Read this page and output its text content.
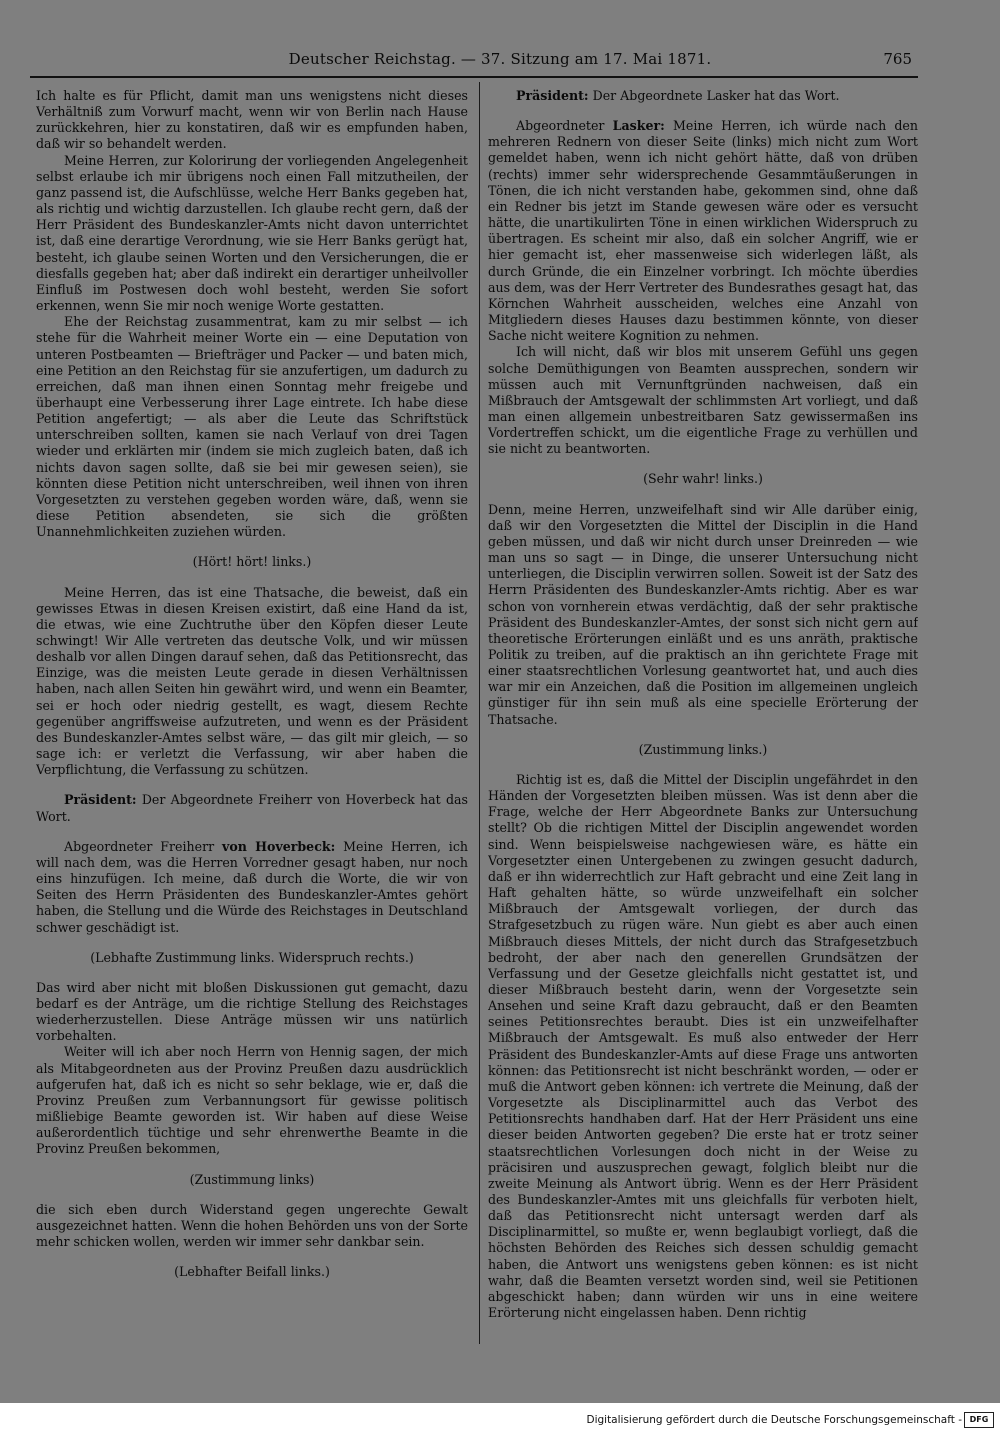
Deutscher Reichstag. — 37. Sitzung am 17. Mai 1871.	765

Ich halte es für Pflicht, damit man uns wenigstens nicht dieses Verhältniß zum Vorwurf macht, wenn wir von Berlin nach Hause zurückkehren, hier zu konstatiren, daß wir es empfunden haben, daß wir so behandelt werden.

Meine Herren, zur Kolorirung der vorliegenden Angelegenheit selbst erlaube ich mir übrigens noch einen Fall mitzutheilen, der ganz passend ist, die Aufschlüsse, welche Herr Banks gegeben hat, als richtig und wichtig darzustellen. Ich glaube recht gern, daß der Herr Präsident des Bundeskanzler-Amts nicht davon unterrichtet ist, daß eine derartige Verordnung, wie sie Herr Banks gerügt hat, besteht, ich glaube seinen Worten und den Versicherungen, die er diesfalls gegeben hat; aber daß indirekt ein derartiger unheilvoller Einfluß im Postwesen doch wohl besteht, werden Sie sofort erkennen, wenn Sie mir noch wenige Worte gestatten.

Ehe der Reichstag zusammentrat, kam zu mir selbst — ich stehe für die Wahrheit meiner Worte ein — eine Deputation von unteren Postbeamten — Briefträger und Packer — und baten mich, eine Petition an den Reichstag für sie anzufertigen, um dadurch zu erreichen, daß man ihnen einen Sonntag mehr freigebe und überhaupt eine Verbesserung ihrer Lage eintrete. Ich habe diese Petition angefertigt; — als aber die Leute das Schriftstück unterschreiben sollten, kamen sie nach Verlauf von drei Tagen wieder und erklärten mir (indem sie mich zugleich baten, daß ich nichts davon sagen sollte, daß sie bei mir gewesen seien), sie könnten diese Petition nicht unterschreiben, weil ihnen von ihren Vorgesetzten zu verstehen gegeben worden wäre, daß, wenn sie diese Petition absendeten, sie sich die größten Unannehmlichkeiten zuziehen würden.

(Hört! hört! links.)

Meine Herren, das ist eine Thatsache, die beweist, daß ein gewisses Etwas in diesen Kreisen existirt, daß eine Hand da ist, die etwas, wie eine Zuchtruthe über den Köpfen dieser Leute schwingt! Wir Alle vertreten das deutsche Volk, und wir müssen deshalb vor allen Dingen darauf sehen, daß das Petitionsrecht, das Einzige, was die meisten Leute gerade in diesen Verhältnissen haben, nach allen Seiten hin gewährt wird, und wenn ein Beamter, sei er hoch oder niedrig gestellt, es wagt, diesem Rechte gegenüber angriffsweise aufzutreten, und wenn es der Präsident des Bundeskanzler-Amtes selbst wäre, — das gilt mir gleich, — so sage ich: er verletzt die Verfassung, wir aber haben die Verpflichtung, die Verfassung zu schützen.

Präsident: Der Abgeordnete Freiherr von Hoverbeck hat das Wort.

Abgeordneter Freiherr von Hoverbeck: Meine Herren, ich will nach dem, was die Herren Vorredner gesagt haben, nur noch eins hinzufügen. Ich meine, daß durch die Worte, die wir von Seiten des Herrn Präsidenten des Bundeskanzler-Amtes gehört haben, die Stellung und die Würde des Reichstages in Deutschland schwer geschädigt ist.

(Lebhafte Zustimmung links. Widerspruch rechts.)

Das wird aber nicht mit bloßen Diskussionen gut gemacht, dazu bedarf es der Anträge, um die richtige Stellung des Reichstages wiederherzustellen. Diese Anträge müssen wir uns natürlich vorbehalten.

Weiter will ich aber noch Herrn von Hennig sagen, der mich als Mitabgeordneten aus der Provinz Preußen dazu ausdrücklich aufgerufen hat, daß ich es nicht so sehr beklage, wie er, daß die Provinz Preußen zum Verbannungsort für gewisse politisch mißliebige Beamte geworden ist. Wir haben auf diese Weise außerordentlich tüchtige und sehr ehrenwerthe Beamte in die Provinz Preußen bekommen,

(Zustimmung links)

die sich eben durch Widerstand gegen ungerechte Gewalt ausgezeichnet hatten. Wenn die hohen Behörden uns von der Sorte mehr schicken wollen, werden wir immer sehr dankbar sein.

(Lebhafter Beifall links.)

Präsident: Der Abgeordnete Lasker hat das Wort.

Abgeordneter Lasker: Meine Herren, ich würde nach den mehreren Rednern von dieser Seite (links) mich nicht zum Wort gemeldet haben, wenn ich nicht gehört hätte, daß von drüben (rechts) immer sehr widersprechende Gesammtäußerungen in Tönen, die ich nicht verstanden habe, gekommen sind, ohne daß ein Redner bis jetzt im Stande gewesen wäre oder es versucht hätte, die unartikulirten Töne in einen wirklichen Widerspruch zu übertragen. Es scheint mir also, daß ein solcher Angriff, wie er hier gemacht ist, eher massenweise sich widerlegen läßt, als durch Gründe, die ein Einzelner vorbringt. Ich möchte überdies aus dem, was der Herr Vertreter des Bundesrathes gesagt hat, das Körnchen Wahrheit ausscheiden, welches eine Anzahl von Mitgliedern dieses Hauses dazu bestimmen könnte, von dieser Sache nicht weitere Kognition zu nehmen.

Ich will nicht, daß wir blos mit unserem Gefühl uns gegen solche Demüthigungen von Beamten aussprechen, sondern wir müssen auch mit Vernunftgründen nachweisen, daß ein Mißbrauch der Amtsgewalt der schlimmsten Art vorliegt, und daß man einen allgemein unbestreitbaren Satz gewissermaßen ins Vordertreffen schickt, um die eigentliche Frage zu verhüllen und sie nicht zu beantworten.

(Sehr wahr! links.)

Denn, meine Herren, unzweifelhaft sind wir Alle darüber einig, daß wir den Vorgesetzten die Mittel der Disciplin in die Hand geben müssen, und daß wir nicht durch unser Dreinreden — wie man uns so sagt — in Dinge, die unserer Untersuchung nicht unterliegen, die Disciplin verwirren sollen. Soweit ist der Satz des Herrn Präsidenten des Bundeskanzler-Amts richtig. Aber es war schon von vornherein etwas verdächtig, daß der sehr praktische Präsident des Bundeskanzler-Amtes, der sonst sich nicht gern auf theoretische Erörterungen einläßt und es uns anräth, praktische Politik zu treiben, auf die praktisch an ihn gerichtete Frage mit einer staatsrechtlichen Vorlesung geantwortet hat, und auch dies war mir ein Anzeichen, daß die Position im allgemeinen ungleich günstiger für ihn sein muß als eine specielle Erörterung der Thatsache.

(Zustimmung links.)

Richtig ist es, daß die Mittel der Disciplin ungefährdet in den Händen der Vorgesetzten bleiben müssen. Was ist denn aber die Frage, welche der Herr Abgeordnete Banks zur Untersuchung stellt? Ob die richtigen Mittel der Disciplin angewendet worden sind. Wenn beispielsweise nachgewiesen wäre, es hätte ein Vorgesetzter einen Untergebenen zu zwingen gesucht dadurch, daß er ihn widerrechtlich zur Haft gebracht und eine Zeit lang in Haft gehalten hätte, so würde unzweifelhaft ein solcher Mißbrauch der Amtsgewalt vorliegen, der durch das Strafgesetzbuch zu rügen wäre. Nun giebt es aber auch einen Mißbrauch dieses Mittels, der nicht durch das Strafgesetzbuch bedroht, der aber nach den generellen Grundsätzen der Verfassung und der Gesetze gleichfalls nicht gestattet ist, und dieser Mißbrauch besteht darin, wenn der Vorgesetzte sein Ansehen und seine Kraft dazu gebraucht, daß er den Beamten seines Petitionsrechtes beraubt. Dies ist ein unzweifelhafter Mißbrauch der Amtsgewalt. Es muß also entweder der Herr Präsident des Bundeskanzler-Amts auf diese Frage uns antworten können: das Petitionsrecht ist nicht beschränkt worden, — oder er muß die Antwort geben können: ich vertrete die Meinung, daß der Vorgesetzte als Disciplinarmittel auch das Verbot des Petitionsrechts handhaben darf. Hat der Herr Präsident uns eine dieser beiden Antworten gegeben? Die erste hat er trotz seiner staatsrechtlichen Vorlesungen doch nicht in der Weise zu präcisiren und auszusprechen gewagt, folglich bleibt nur die zweite Meinung als Antwort übrig. Wenn es der Herr Präsident des Bundeskanzler-Amtes mit uns gleichfalls für verboten hielt, daß das Petitionsrecht nicht untersagt werden darf als Disciplinarmittel, so mußte er, wenn beglaubigt vorliegt, daß die höchsten Behörden des Reiches sich dessen schuldig gemacht haben, die Antwort uns wenigstens geben können: es ist nicht wahr, daß die Beamten versetzt worden sind, weil sie Petitionen abgeschickt haben; dann würden wir uns in eine weitere Erörterung nicht eingelassen haben. Denn richtig

Digitalisierung gefördert durch die Deutsche Forschungsgemeinschaft - DFG
